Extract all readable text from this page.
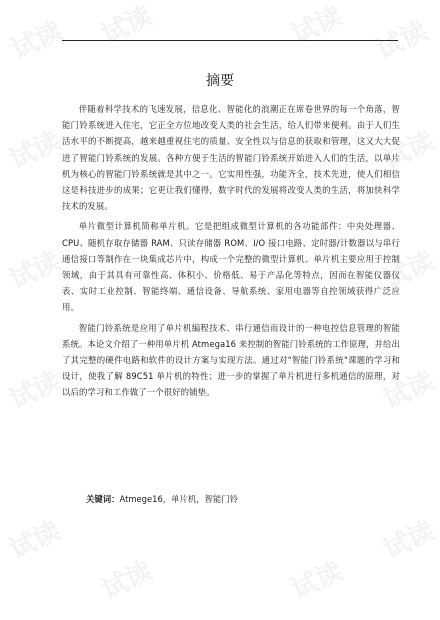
摘要

伴随着科学技术的飞速发展，信息化、智能化的浪潮正在席卷世界的每一个角落，智能门铃系统进入住宅，它正全方位地改变人类的社会生活，给人们带来便利。由于人们生活水平的不断提高，越来越重视住宅的质量、安全性以与信息的获取和管理，这又大大促进了智能门铃系统的发展。各种方便于生活的智能门铃系统开始进入人们的生活，以单片机为核心的智能门铃系统就是其中之一。它实用性强，功能齐全，技术先进，使人们相信这是科技进步的成果；它更让我们懂得，数字时代的发展将改变人类的生活，将加快科学技术的发展。

单片微型计算机简称单片机。它是把组成微型计算机的各功能部件：中央处理器、CPU、随机存取存储器 RAM、只读存储器 ROM、I/O 接口电路、定时器/计数器以与串行通信接口等制作在一块集成芯片中，构成一个完整的微型计算机。单片机主要应用于控制领域，由于其具有可靠性高、体积小、价格低、易于产品化等特点，因而在智能仪器仪表、实时工业控制、智能终端、通信设备、导航系统、家用电器等自控领域获得广泛应用。

智能门铃系统是应用了单片机编程技术、串行通信而设计的一种电控信息管理的智能系统。本论文介绍了一种用单片机 Atmega16 来控制的智能门铃系统的工作原理，并给出了其完整的硬件电路和软件的设计方案与实现方法。通过对"智能门铃系统"课题的学习和设计，使我了解 89C51 单片机的特性；进一步的掌握了单片机进行多机通信的原理，对以后的学习和工作做了一个很好的铺垫。

关键词：Atmege16，单片机，智能门铃
试读 试读	试读 试读
试读	试读
试读	试读
试读	试读
试读
试读	试读
试读
